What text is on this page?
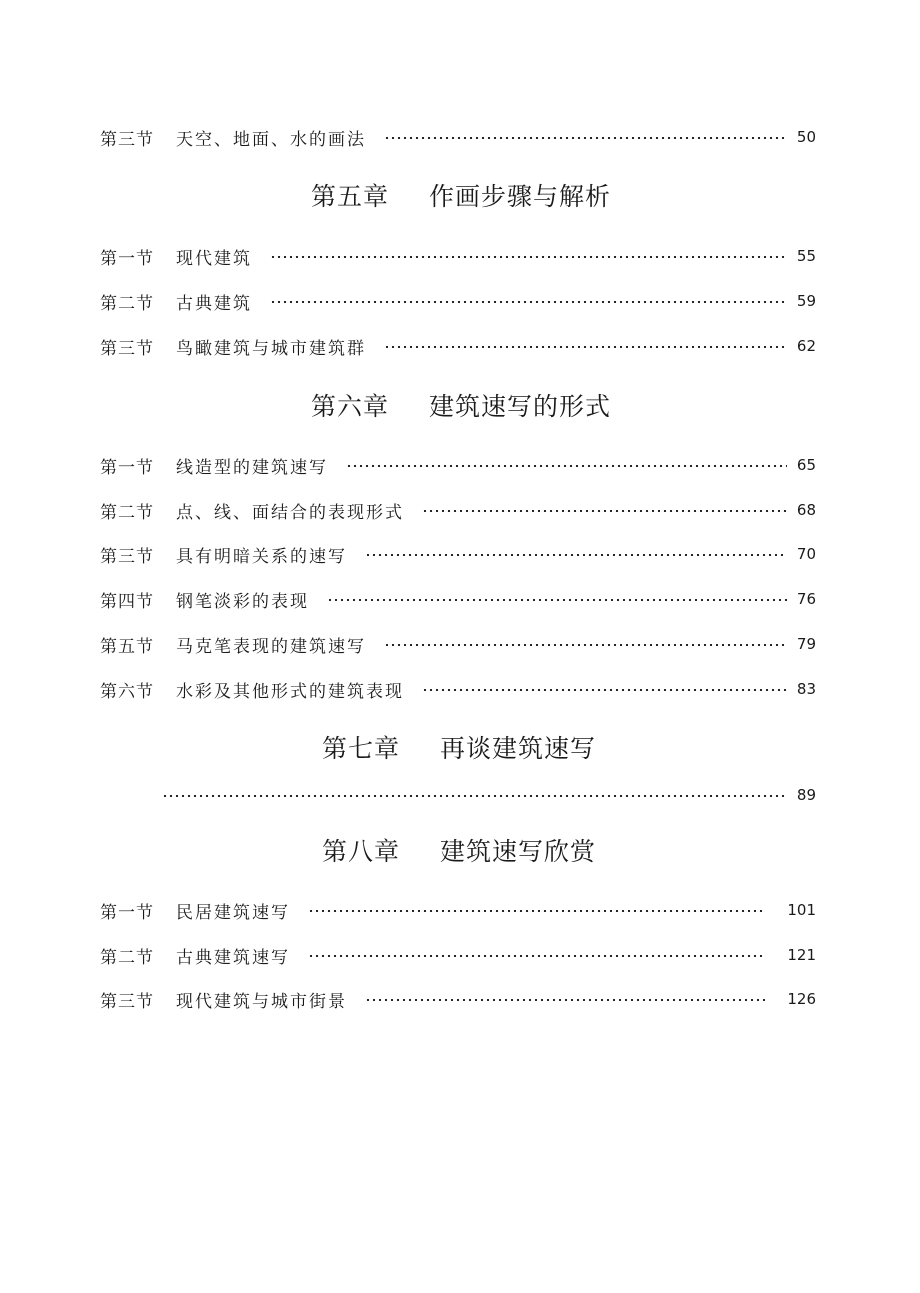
第三节	天空、地面、水的画法	50
第五章 作画步骤与解析
第一节	现代建筑	55
第二节	古典建筑	59
第三节	鸟瞰建筑与城市建筑群	62
第六章 建筑速写的形式
第一节	线造型的建筑速写	65
第二节	点、线、面结合的表现形式	68
第三节	具有明暗关系的速写	70
第四节	钢笔淡彩的表现	76
第五节	马克笔表现的建筑速写	79
第六节	水彩及其他形式的建筑表现	83
第七章 再谈建筑速写
89
第八章 建筑速写欣赏
第一节	民居建筑速写	101
第二节	古典建筑速写	121
第三节	现代建筑与城市街景	126
